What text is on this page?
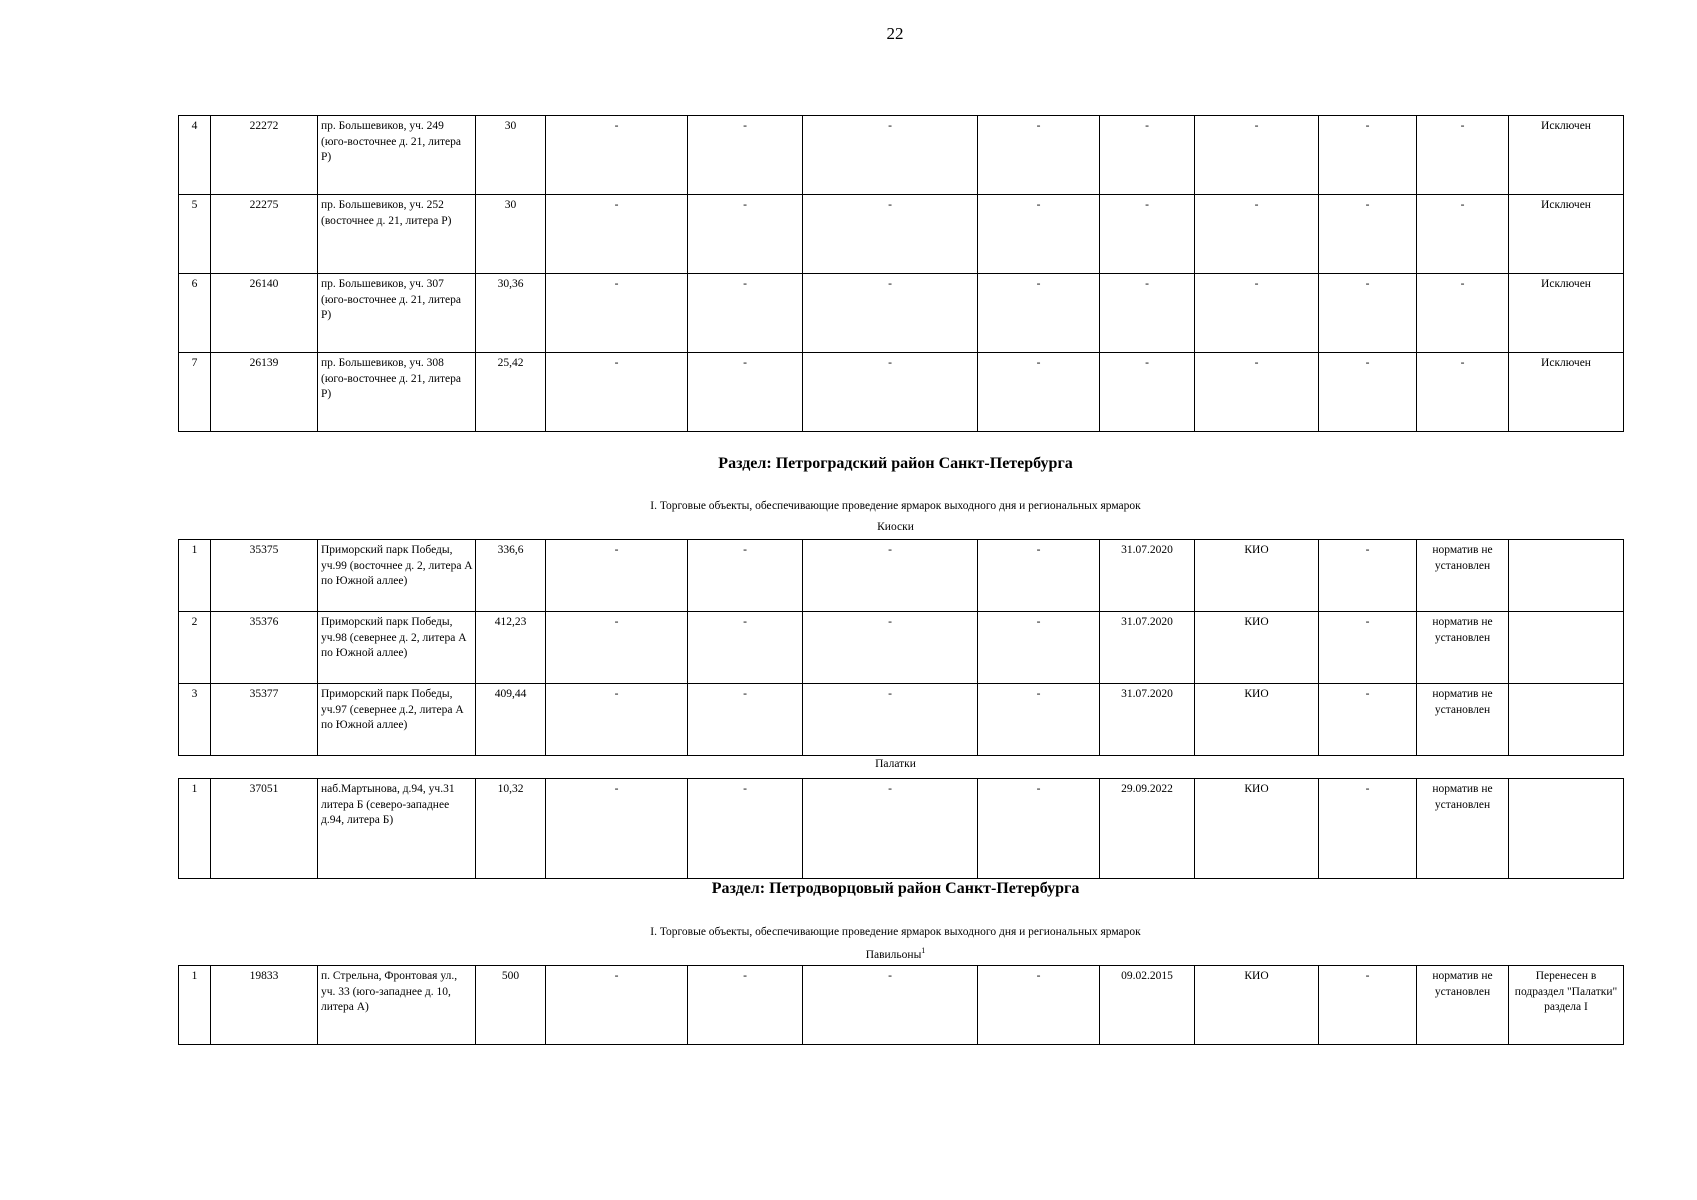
22
4	22272	пр. Большевиков, уч. 249 (юго-восточнее д. 21, литера Р)	30	-	-	-	-	-	-	-	-	Исключен
5	22275	пр. Большевиков, уч. 252 (восточнее д. 21, литера Р)	30	-	-	-	-	-	-	-	-	Исключен
6	26140	пр. Большевиков, уч. 307 (юго-восточнее д. 21, литера Р)	30,36	-	-	-	-	-	-	-	-	Исключен
7	26139	пр. Большевиков, уч. 308 (юго-восточнее д. 21, литера Р)	25,42	-	-	-	-	-	-	-	-	Исключен
Раздел: Петроградский район Санкт-Петербурга
I. Торговые объекты, обеспечивающие проведение ярмарок выходного дня и региональных ярмарок
Киоски
1	35375	Приморский парк Победы, уч.99 (восточнее д. 2, литера А по Южной аллее)	336,6	-	-	-	-	31.07.2020	КИО	-	норматив не установлен	
2	35376	Приморский парк Победы, уч.98 (севернее д. 2, литера А по Южной аллее)	412,23	-	-	-	-	31.07.2020	КИО	-	норматив не установлен	
3	35377	Приморский парк Победы, уч.97 (севернее д.2, литера А по Южной аллее)	409,44	-	-	-	-	31.07.2020	КИО	-	норматив не установлен	
Палатки
1	37051	наб.Мартынова, д.94, уч.31 литера Б (северо-западнее д.94, литера Б)	10,32	-	-	-	-	29.09.2022	КИО	-	норматив не установлен	
Раздел: Петродворцовый район Санкт-Петербурга
I. Торговые объекты, обеспечивающие проведение ярмарок выходного дня и региональных ярмарок
Павильоны$^1$
1	19833	п. Стрельна, Фронтовая ул., уч. 33 (юго-западнее д. 10, литера А)	500	-	-	-	-	09.02.2015	КИО	-	норматив не установлен	Перенесен в подраздел "Палатки" раздела I
